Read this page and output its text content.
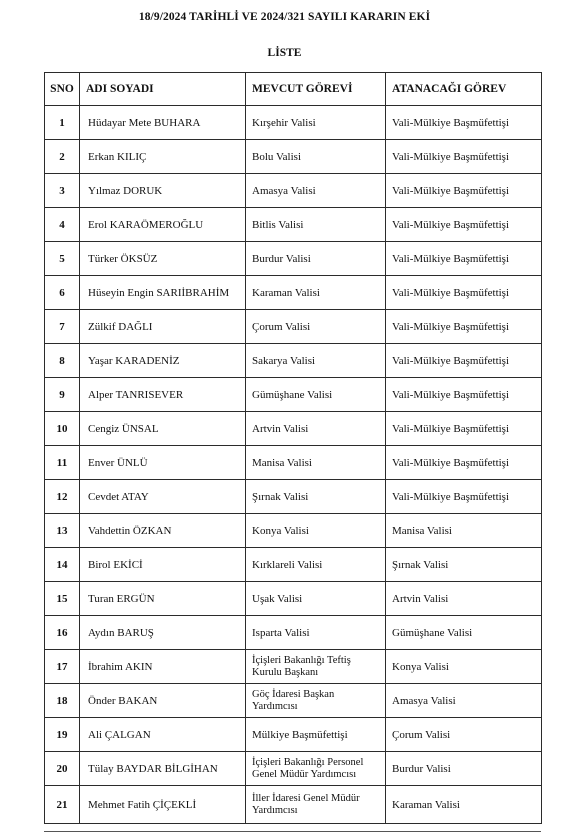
18/9/2024 TARİHLİ VE 2024/321 SAYILI KARARIN EKİ
LİSTE
SNO	ADI SOYADI	MEVCUT GÖREVİ	ATANACAĞI GÖREV
1	Hüdayar Mete BUHARA	Kırşehir Valisi	Vali-Mülkiye Başmüfettişi
2	Erkan KILIÇ	Bolu Valisi	Vali-Mülkiye Başmüfettişi
3	Yılmaz DORUK	Amasya Valisi	Vali-Mülkiye Başmüfettişi
4	Erol KARAÖMEROĞLU	Bitlis Valisi	Vali-Mülkiye Başmüfettişi
5	Türker ÖKSÜZ	Burdur Valisi	Vali-Mülkiye Başmüfettişi
6	Hüseyin Engin SARIİBRAHİM	Karaman Valisi	Vali-Mülkiye Başmüfettişi
7	Zülkif DAĞLI	Çorum Valisi	Vali-Mülkiye Başmüfettişi
8	Yaşar KARADENİZ	Sakarya Valisi	Vali-Mülkiye Başmüfettişi
9	Alper TANRISEVER	Gümüşhane Valisi	Vali-Mülkiye Başmüfettişi
10	Cengiz ÜNSAL	Artvin Valisi	Vali-Mülkiye Başmüfettişi
11	Enver ÜNLÜ	Manisa Valisi	Vali-Mülkiye Başmüfettişi
12	Cevdet ATAY	Şırnak Valisi	Vali-Mülkiye Başmüfettişi
13	Vahdettin ÖZKAN	Konya Valisi	Manisa Valisi
14	Birol EKİCİ	Kırklareli Valisi	Şırnak Valisi
15	Turan ERGÜN	Uşak Valisi	Artvin Valisi
16	Aydın BARUŞ	Isparta Valisi	Gümüşhane Valisi
17	İbrahim AKIN	İçişleri Bakanlığı Teftiş Kurulu Başkanı	Konya Valisi
18	Önder BAKAN	Göç İdaresi Başkan Yardımcısı	Amasya Valisi
19	Ali ÇALGAN	Mülkiye Başmüfettişi	Çorum Valisi
20	Tülay BAYDAR BİLGİHAN	İçişleri Bakanlığı Personel Genel Müdür Yardımcısı	Burdur Valisi
21	Mehmet Fatih ÇİÇEKLİ	İller İdaresi Genel Müdür Yardımcısı	Karaman Valisi
